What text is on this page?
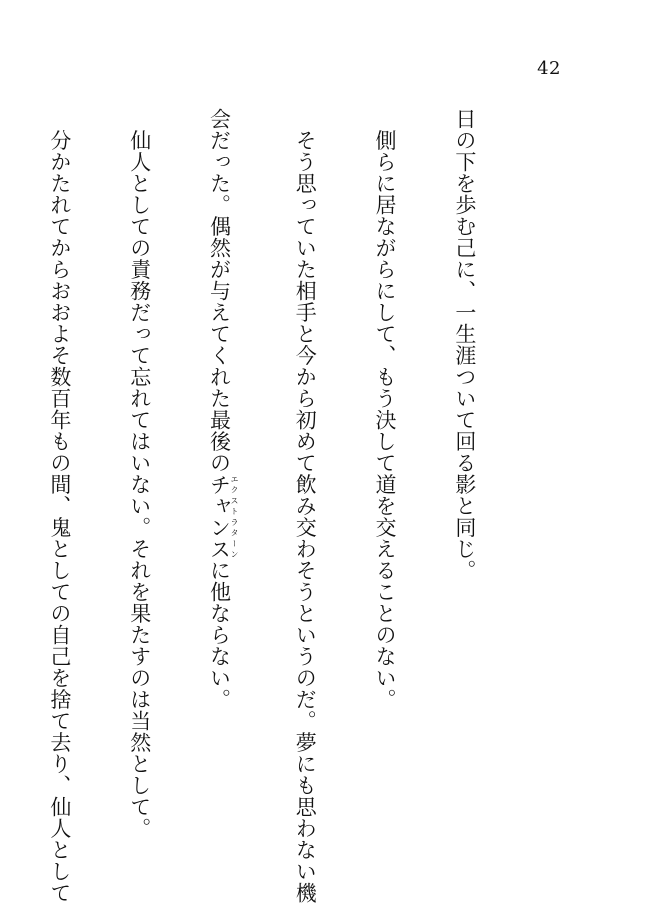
42

日の下を歩む己に、一生涯ついて回る影と同じ。

　側らに居ながらにして、もう決して道を交えることのない。

　そう思っていた相手と今から初めて飲み交わそうというのだ。夢にも思わない機

会だった。偶然が与えてくれた最後のチャンスエクストラターンに他ならない。

　仙人としての責務だって忘れてはいない。それを果たすのは当然として。

　分かたれてからおおよそ数百年もの間、鬼としての自己を捨て去り、仙人として
